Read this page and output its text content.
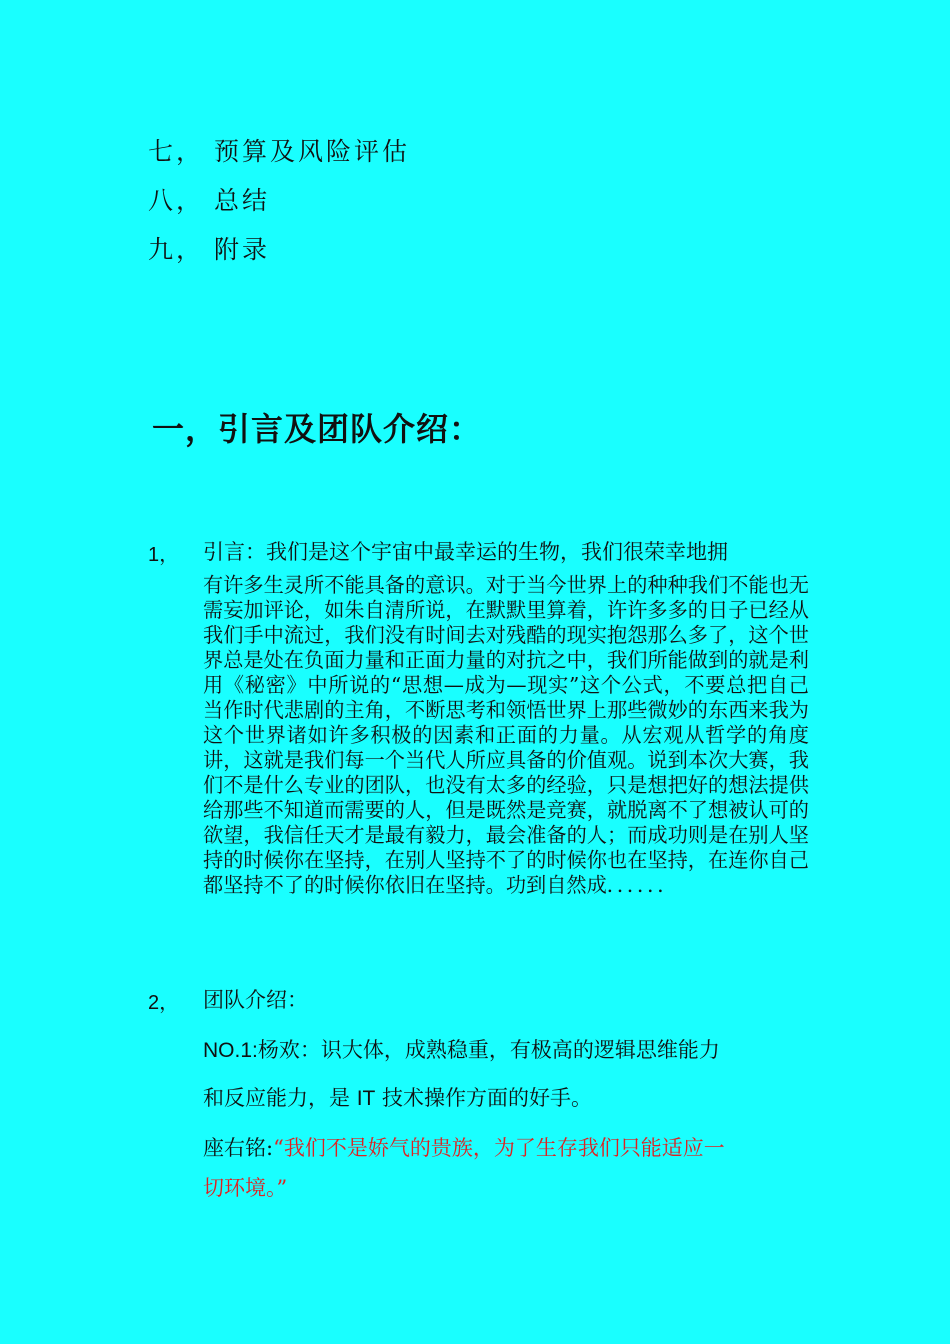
七， 预算及风险评估
八， 总结
九， 附录
一，引言及团队介绍：
1， 引言：我们是这个宇宙中最幸运的生物，我们很荣幸地拥
有许多生灵所不能具备的意识。对于当今世界上的种种我们不能也无需妄加评论，如朱自清所说，在默默里算着，许许多多的日子已经从我们手中流过，我们没有时间去对残酷的现实抱怨那么多了，这个世界总是处在负面力量和正面力量的对抗之中，我们所能做到的就是利用《秘密》中所说的“思想—成为—现实”这个公式，不要总把自己当作时代悲剧的主角，不断思考和领悟世界上那些微妙的东西来我为这个世界诸如许多积极的因素和正面的力量。从宏观从哲学的角度讲，这就是我们每一个当代人所应具备的价值观。说到本次大赛，我们不是什么专业的团队，也没有太多的经验，只是想把好的想法提供给那些不知道而需要的人，但是既然是竞赛，就脱离不了想被认可的欲望，我信任天才是最有毅力，最会准备的人；而成功则是在别人坚持的时候你在坚持，在别人坚持不了的时候你也在坚持，在连你自己都坚持不了的时候你依旧在坚持。功到自然成．．．．．．
2， 团队介绍：
NO.1:杨欢：识大体，成熟稳重，有极高的逻辑思维能力
和反应能力，是 IT 技术操作方面的好手。
座右铭:“我们不是娇气的贵族，为了生存我们只能适应一
切环境。”
